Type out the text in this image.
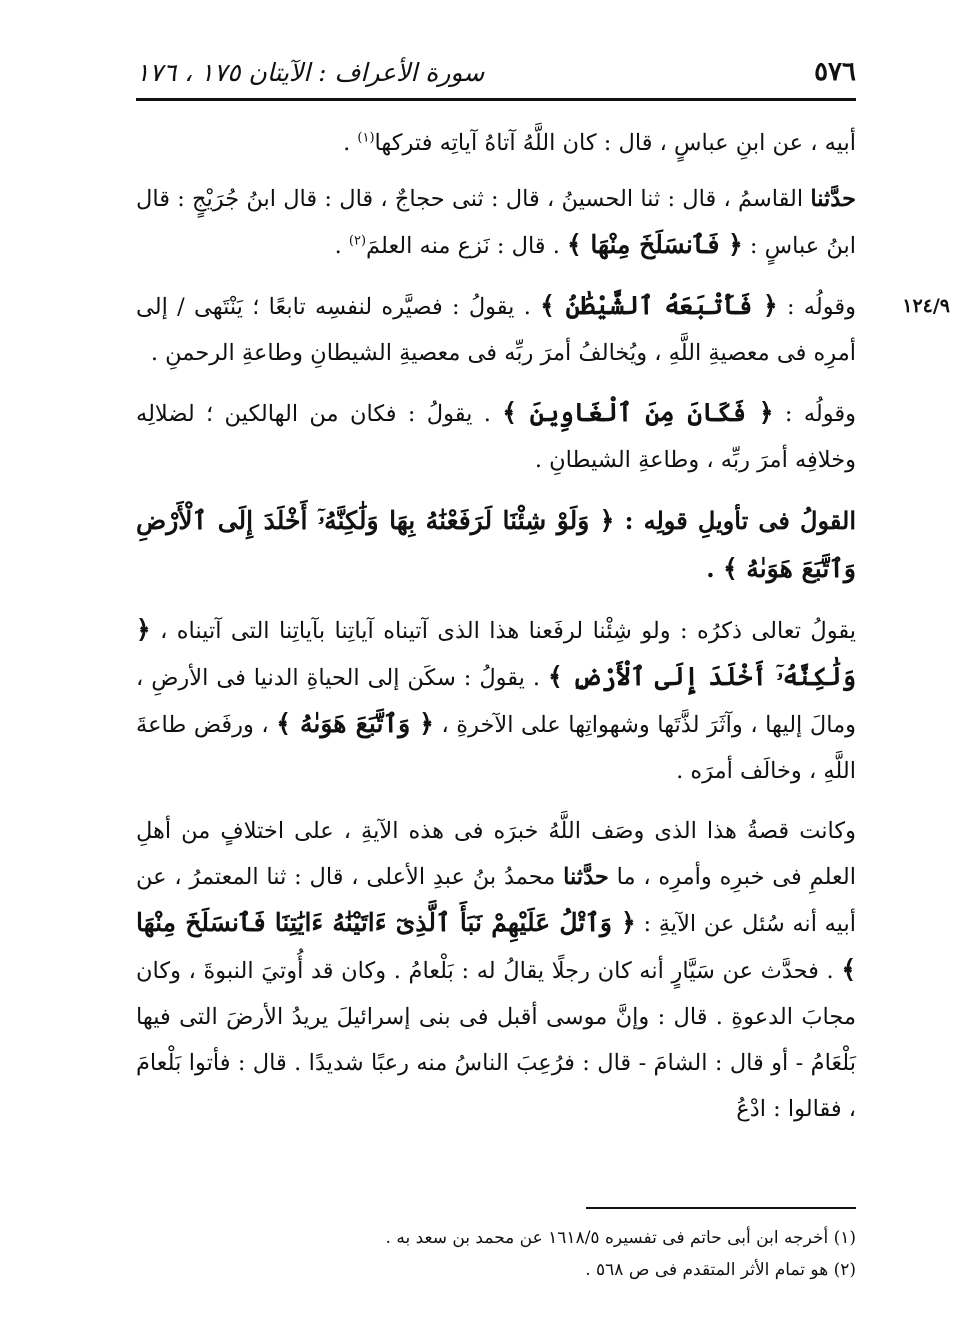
٥٧٦
سورة الأعراف : الآيتان ١٧٥ ، ١٧٦

أبيه ، عن ابنِ عباسٍ ، قال : كان اللَّهُ آتاهُ آياتِه فتركها$^{(١)}$ .

حدَّثنا القاسمُ ، قال : ثنا الحسينُ ، قال : ثنى حجاجٌ ، قال : قال ابنُ جُرَيْجٍ : قال ابنُ عباسٍ : ﴿ فَٱنسَلَخَ مِنْهَا ﴾ . قال : نَزع منه العلمَ$^{(٢)}$ .

١٢٤/٩
وقولُه : ﴿ فَأَتْبَعَهُ ٱلشَّيْطَٰنُ ﴾ . يقولُ : فصيَّره لنفسِه تابعًا ؛ يَنْتَهى / إلى أمرِه فى معصيةِ اللَّهِ ، ويُخالفُ أمرَ ربِّه فى معصيةِ الشيطانِ وطاعةِ الرحمنِ .

وقولُه : ﴿ فَكَانَ مِنَ ٱلْغَاوِينَ ﴾ . يقولُ : فكان من الهالكين ؛ لضلالِه وخلافِه أمرَ ربِّه ، وطاعةِ الشيطانِ .

القولُ فى تأويلِ قولِه : ﴿ وَلَوْ شِئْنَا لَرَفَعْنَٰهُ بِهَا وَلَٰكِنَّهُۥٓ أَخْلَدَ إِلَى ٱلْأَرْضِ وَٱتَّبَعَ هَوَىٰهُ ﴾ .

يقولُ تعالى ذكرُه : ولو شِئْنا لرفَعنا هذا الذى آتيناه آياتِنا بآياتِنا التى آتيناه ، ﴿ وَلَٰكِنَّهُۥٓ أَخْلَدَ إِلَى ٱلْأَرْضِ ﴾ . يقولُ : سكَن إلى الحياةِ الدنيا فى الأرضِ ، ومالَ إليها ، وآثَرَ لذَّتَها وشهواتِها على الآخرةِ ، ﴿ وَٱتَّبَعَ هَوَىٰهُ ﴾ ، ورفَض طاعةَ اللَّهِ ، وخالَف أمرَه .

وكانت قصةُ هذا الذى وصَف اللَّهُ خبرَه فى هذه الآيةِ ، على اختلافٍ من أهلِ العلمِ فى خبرِه وأمرِه ، ما حدَّثنا محمدُ بنُ عبدِ الأعلى ، قال : ثنا المعتمرُ ، عن أبيه أنه سُئل عن الآيةِ : ﴿ وَٱتْلُ عَلَيْهِمْ نَبَأَ ٱلَّذِىٓ ءَاتَيْنَٰهُ ءَايَٰتِنَا فَٱنسَلَخَ مِنْهَا ﴾ . فحدَّث عن سَيَّارٍ أنه كان رجلًا يقالُ له : بَلْعامُ . وكان قد أُوتيَ النبوةَ ، وكان مجابَ الدعوةِ . قال : وإنَّ موسى أقبل فى بنى إسرائيلَ يريدُ الأرضَ التى فيها بَلْعَامُ - أو قال : الشامَ - قال : فرُعِبَ الناسُ منه رعبًا شديدًا . قال : فأتوا بَلْعامَ ، فقالوا : ادْعُ

(١) أخرجه ابن أبى حاتم فى تفسيره ١٦١٨/٥ عن محمد بن سعد به .
(٢) هو تمام الأثر المتقدم فى ص ٥٦٨ .
